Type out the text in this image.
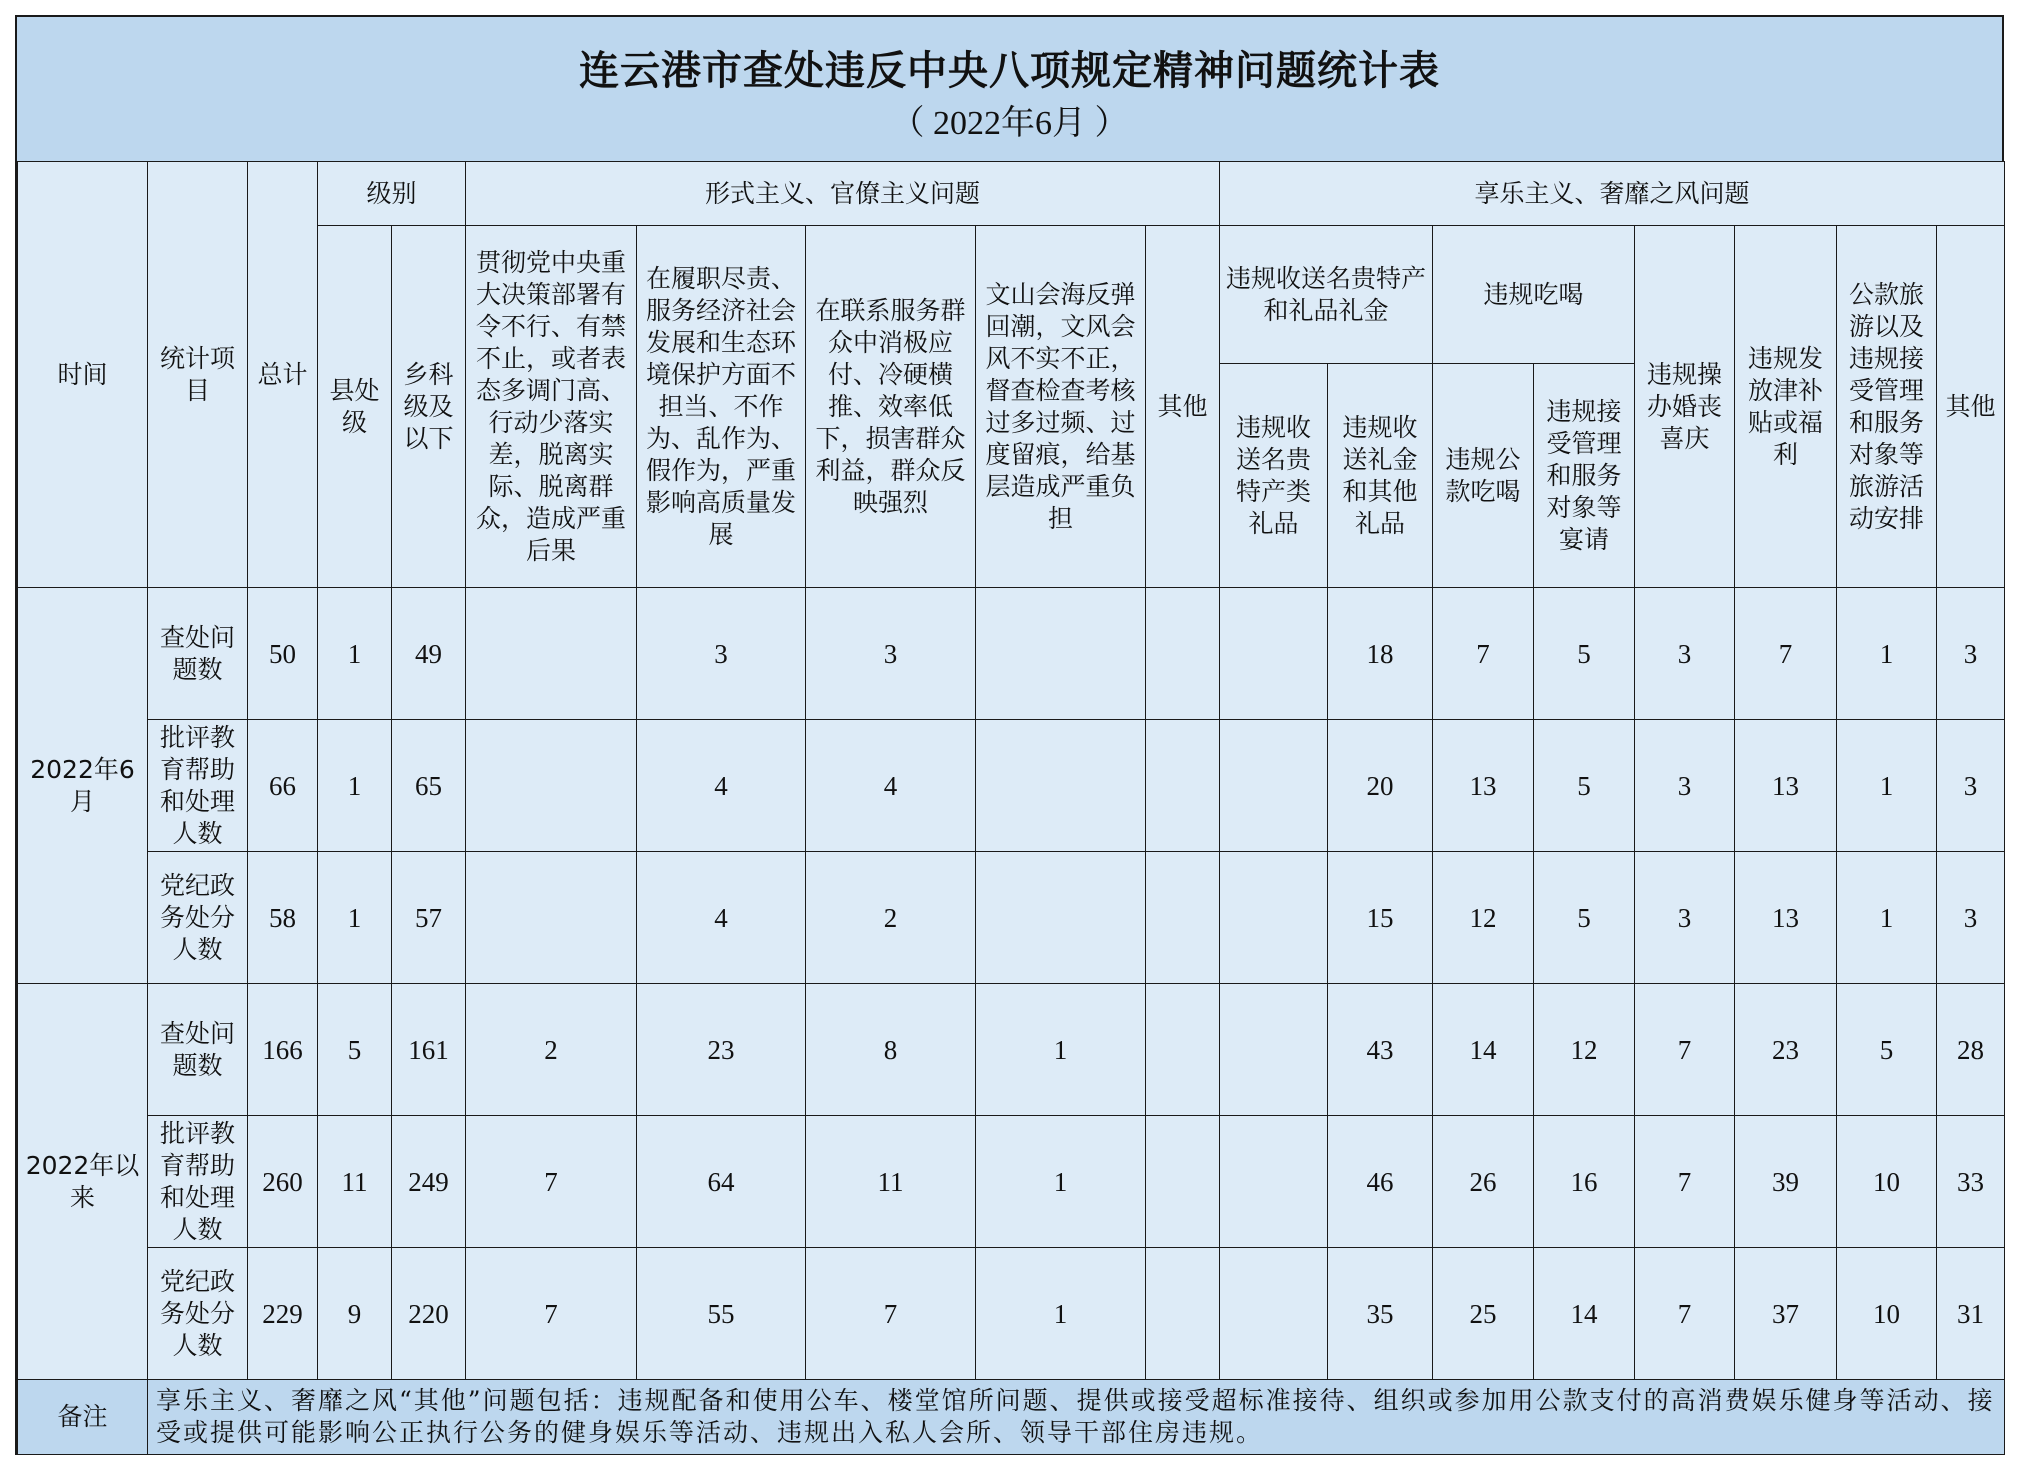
连云港市查处违反中央八项规定精神问题统计表
（ 2022年6月 ）
时间	统计项目	总计	级别		形式主义、官僚主义问题					享乐主义、奢靡之风问题							
			县处级	乡科级及以下	贯彻党中央重大决策部署有令不行、有禁不止，或者表态多调门高、行动少落实差，脱离实际、脱离群众，造成严重后果	在履职尽责、服务经济社会发展和生态环境保护方面不担当、不作为、乱作为、假作为，严重影响高质量发展	在联系服务群众中消极应付、冷硬横推、效率低下，损害群众利益，群众反映强烈	文山会海反弹回潮，文风会风不实不正，督查检查考核过多过频、过度留痕，给基层造成严重负担	其他	违规收送名贵特产和礼品礼金		违规吃喝		违规操办婚丧喜庆	违规发放津补贴或福利	公款旅游以及违规接受管理和服务对象等旅游活动安排	其他
										违规收送名贵特产类礼品	违规收送礼金和其他礼品	违规公款吃喝	违规接受管理和服务对象等宴请				
2022年6月	查处问题数	50	1	49		3	3				18	7	5	3	7	1	3
	批评教育帮助和处理人数	66	1	65		4	4				20	13	5	3	13	1	3
	党纪政务处分人数	58	1	57		4	2				15	12	5	3	13	1	3
2022年以来	查处问题数	166	5	161	2	23	8	1			43	14	12	7	23	5	28
	批评教育帮助和处理人数	260	11	249	7	64	11	1			46	26	16	7	39	10	33
	党纪政务处分人数	229	9	220	7	55	7	1			35	25	14	7	37	10	31
备注	享乐主义、奢靡之风“其他”问题包括：违规配备和使用公车、楼堂馆所问题、提供或接受超标准接待、组织或参加用公款支付的高消费娱乐健身等活动、接受或提供可能影响公正执行公务的健身娱乐等活动、违规出入私人会所、领导干部住房违规。																
